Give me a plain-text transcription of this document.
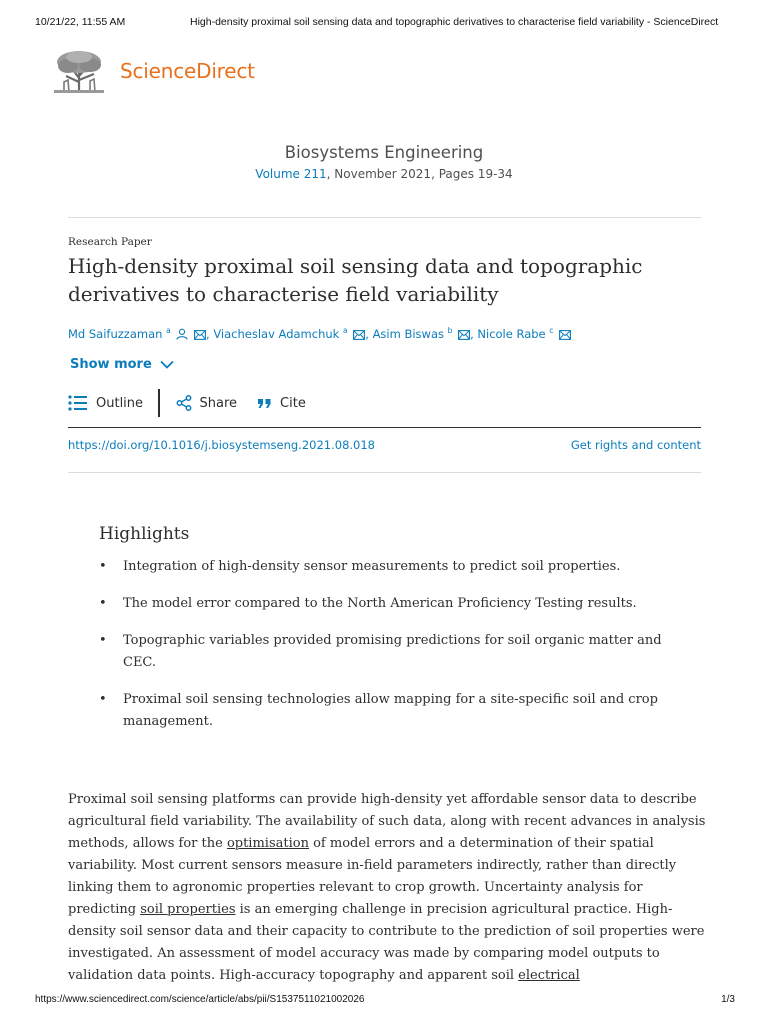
10/21/22, 11:55 AM	High-density proximal soil sensing data and topographic derivatives to characterise field variability - ScienceDirect
ScienceDirect
Biosystems Engineering
Volume 211, November 2021, Pages 19-34
Research Paper
High-density proximal soil sensing data and topographic derivatives to characterise field variability
Md Saifuzzaman $^a$	, Viacheslav Adamchuk $^a$ , Asim Biswas $^b$ , Nicole Rabe $^c$
Show more
Outline	Share	Cite
https://doi.org/10.1016/j.biosystemseng.2021.08.018	Get rights and content
Highlights
• Integration of high-density sensor measurements to predict soil properties.
• The model error compared to the North American Proficiency Testing results.
• Topographic variables provided promising predictions for soil organic matter and CEC.
• Proximal soil sensing technologies allow mapping for a site-specific soil and crop management.

Proximal soil sensing platforms can provide high-density yet affordable sensor data to describe agricultural field variability. The availability of such data, along with recent advances in analysis methods, allows for the optimisation of model errors and a determination of their spatial variability. Most current sensors measure in-field parameters indirectly, rather than directly linking them to agronomic properties relevant to crop growth. Uncertainty analysis for predicting soil properties is an emerging challenge in precision agricultural practice. High-density soil sensor data and their capacity to contribute to the prediction of soil properties were investigated. An assessment of model accuracy was made by comparing model outputs to validation data points. High-accuracy topography and apparent soil electrical

https://www.sciencedirect.com/science/article/abs/pii/S1537511021002026	1/3
